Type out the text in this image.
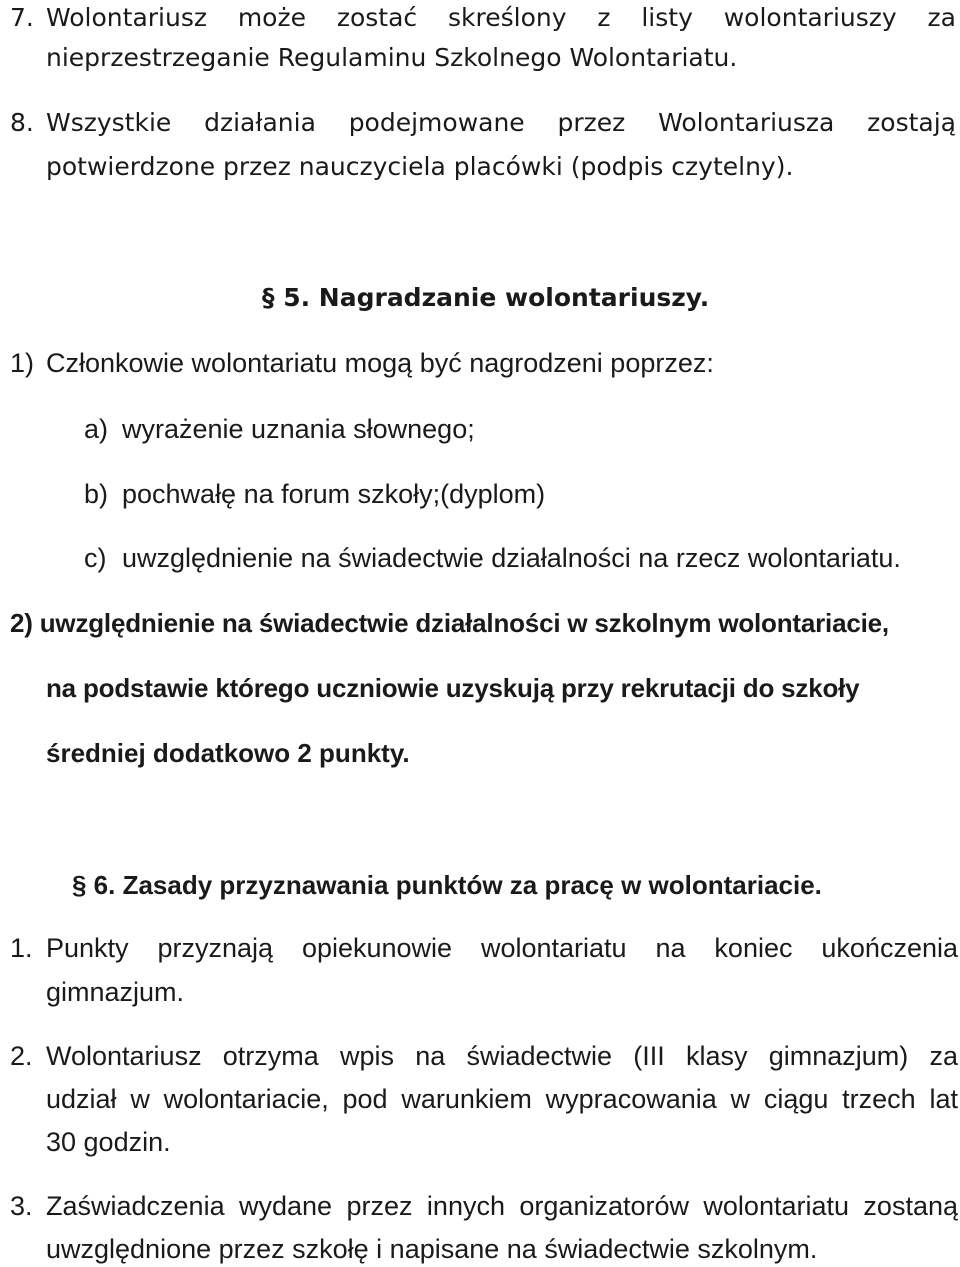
7. Wolontariusz może zostać skreślony z listy wolontariuszy za
nieprzestrzeganie Regulaminu Szkolnego Wolontariatu.
8. Wszystkie działania podejmowane przez Wolontariusza zostają
potwierdzone przez nauczyciela placówki (podpis czytelny).
§ 5. Nagradzanie wolontariuszy.
1) Członkowie wolontariatu mogą być nagrodzeni poprzez:
a) wyrażenie uznania słownego;
b) pochwałę na forum szkoły;(dyplom)
c) uwzględnienie na świadectwie działalności na rzecz wolontariatu.
2) uwzględnienie na świadectwie działalności w szkolnym wolontariacie,
na podstawie którego uczniowie uzyskują przy rekrutacji do szkoły
średniej dodatkowo 2 punkty.
§ 6. Zasady przyznawania punktów za pracę w wolontariacie.
1. Punkty przyznają opiekunowie wolontariatu na koniec ukończenia
gimnazjum.
2. Wolontariusz otrzyma wpis na świadectwie (III klasy gimnazjum) za
udział w wolontariacie, pod warunkiem wypracowania w ciągu trzech lat
30 godzin.
3. Zaświadczenia wydane przez innych organizatorów wolontariatu zostaną
uwzględnione przez szkołę i napisane na świadectwie szkolnym.
